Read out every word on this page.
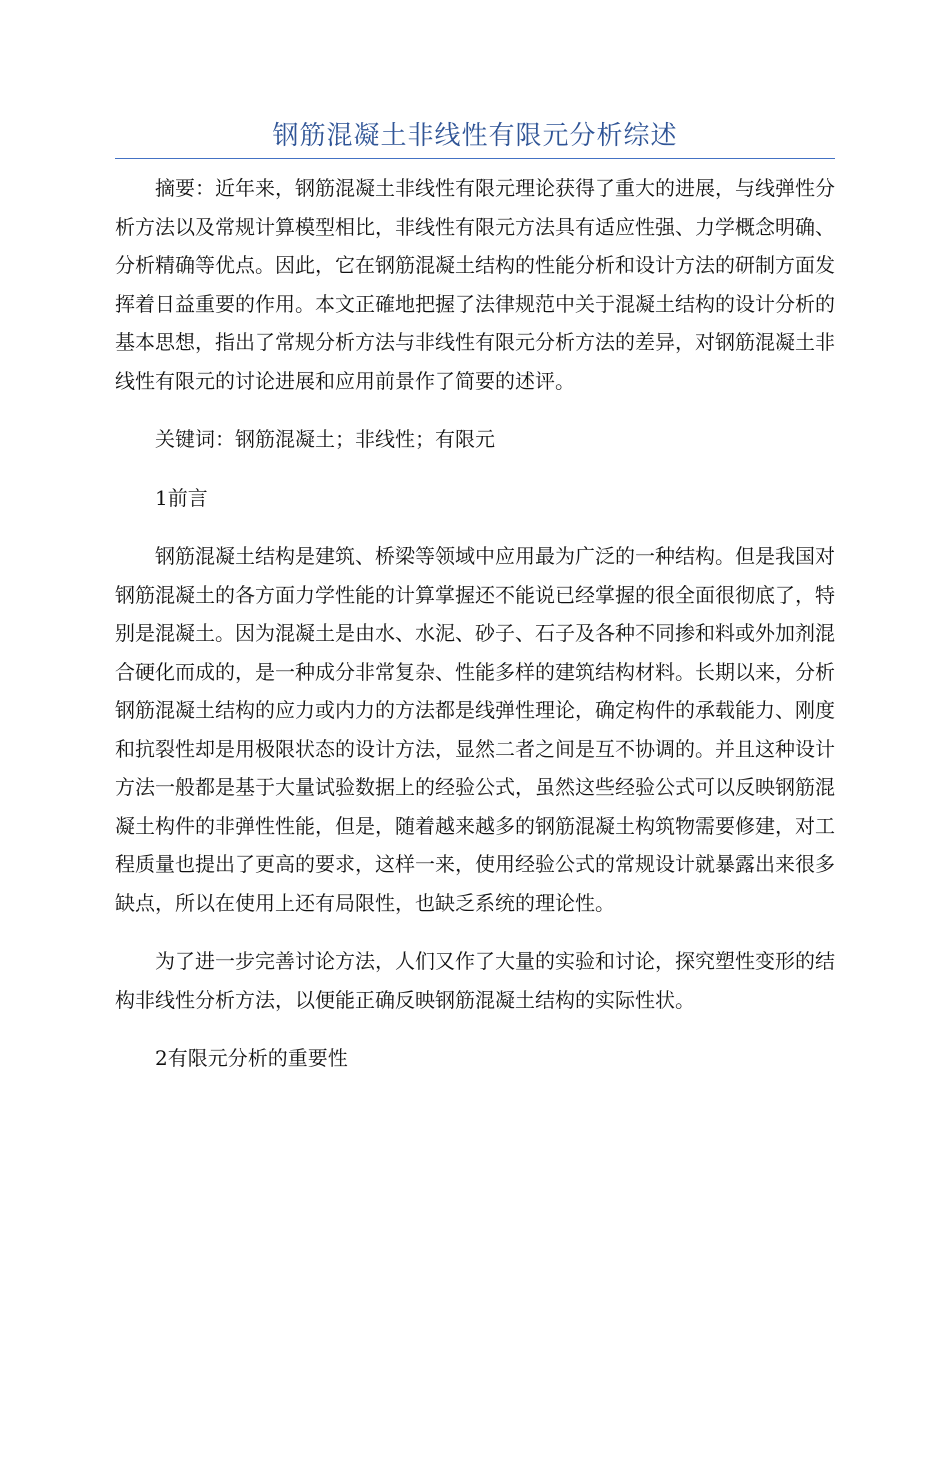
钢筋混凝土非线性有限元分析综述

摘要：近年来，钢筋混凝土非线性有限元理论获得了重大的进展，与线弹性分析方法以及常规计算模型相比，非线性有限元方法具有适应性强、力学概念明确、分析精确等优点。因此，它在钢筋混凝土结构的性能分析和设计方法的研制方面发挥着日益重要的作用。本文正確地把握了法律规范中关于混凝土结构的设计分析的基本思想，指出了常规分析方法与非线性有限元分析方法的差异，对钢筋混凝土非线性有限元的讨论进展和应用前景作了简要的述评。

关键词：钢筋混凝土；非线性；有限元

1前言

钢筋混凝土结构是建筑、桥梁等领域中应用最为广泛的一种结构。但是我国对钢筋混凝土的各方面力学性能的计算掌握还不能说已经掌握的很全面很彻底了，特别是混凝土。因为混凝土是由水、水泥、砂子、石子及各种不同掺和料或外加剂混合硬化而成的，是一种成分非常复杂、性能多样的建筑结构材料。长期以来，分析钢筋混凝土结构的应力或内力的方法都是线弹性理论，确定构件的承载能力、刚度和抗裂性却是用极限状态的设计方法，显然二者之间是互不协调的。并且这种设计方法一般都是基于大量试验数据上的经验公式，虽然这些经验公式可以反映钢筋混凝土构件的非弹性性能，但是，随着越来越多的钢筋混凝土构筑物需要修建，对工程质量也提出了更高的要求，这样一来，使用经验公式的常规设计就暴露出来很多缺点，所以在使用上还有局限性，也缺乏系统的理论性。

为了进一步完善讨论方法，人们又作了大量的实验和讨论，探究塑性变形的结构非线性分析方法，以便能正确反映钢筋混凝土结构的实际性状。

2有限元分析的重要性
